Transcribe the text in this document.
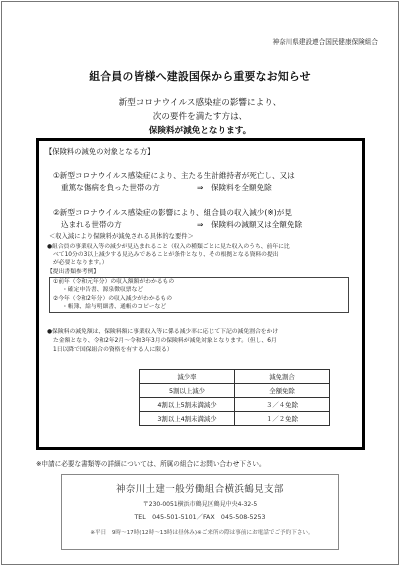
神奈川県建設連合国民健康保険組合
組合員の皆様へ建設国保から重要なお知らせ
新型コロナウイルス感染症の影響により、
次の要件を満たす方は、
保険料が減免となります。
【保険料の減免の対象となる方】
①新型コロナウイルス感染症により、主たる生計維持者が死亡し、又は
重篤な傷病を負った世帯の方	⇒　保険料を全額免除
②新型コロナウイルス感染症の影響により、組合員の収入減少(※)が見
込まれる世帯の方	⇒　保険料の減額又は全額免除
＜収入減により保険料が減免される具体的な要件＞
●組合員の事業収入等の減少が見込まれること（収入の種類ごとに見た収入のうち、前年に比
べて10分の3以上減少する見込みであることが条件となり、その根拠となる資料の提出
が必要となります。）
【提出書類参考例】
①前年（令和元年分）の収入額額がわかるもの
・確定申告書、源泉徴収票など
②今年（令和2年分）の収入減少がわかるもの
・帳簿、給与明細書、通帳のコピーなど
●保険料の減免額は、保険料額に事業収入等に係る減少率に応じて下記の減免割合をかけ
た金額となり、令和2年2月〜令和3年3月の保険料が減免対象となります。（但し、6月
1日以降で国保組合の資格を有する人に限る）
減少率	減免割合
5割以上減少	全額免除
4割以上5割未満減少	３／４免除
3割以上4割未満減少	１／２免除
※申請に必要な書類等の詳細については、所属の組合にお問い合わせ下さい。
神奈川土建一般労働組合横浜鶴見支部
〒230-0051横浜市鶴見区鶴見中央4-32-5
TEL　045-501-5101／FAX　045-508-5253
※平日　9時〜17時(12時〜13時は昼休み)※ご来所の際は事前にお電話でご予約下さい。
